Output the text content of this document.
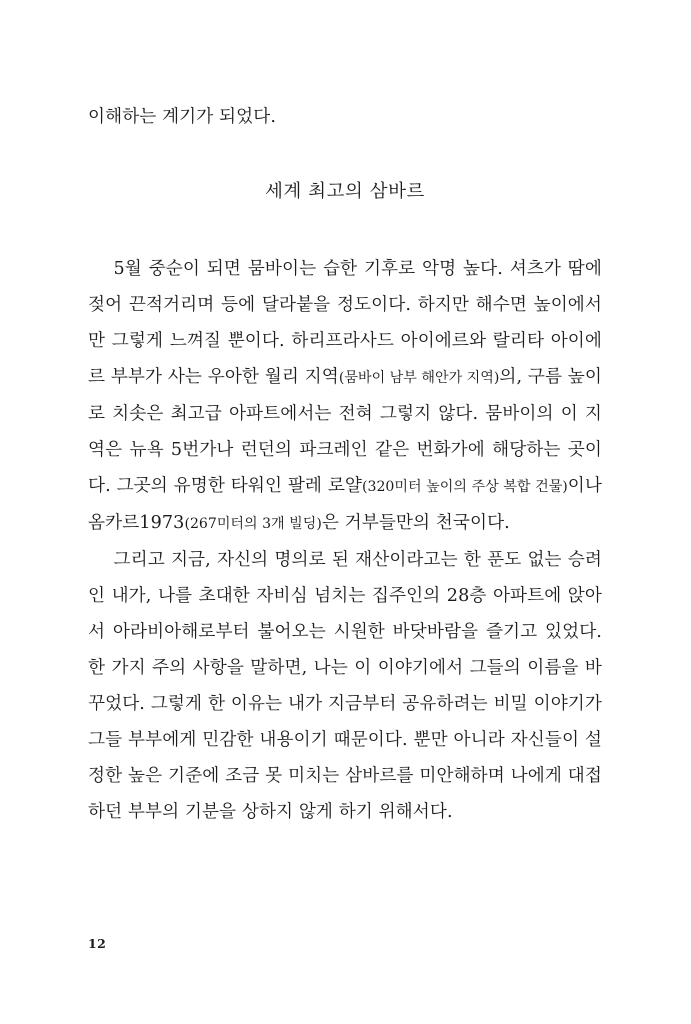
이해하는 계기가 되었다.

세계 최고의 삼바르

5월 중순이 되면 뭄바이는 습한 기후로 악명 높다. 셔츠가 땀에 젖어 끈적거리며 등에 달라붙을 정도이다. 하지만 해수면 높이에서만 그렇게 느껴질 뿐이다. 하리프라사드 아이에르와 랄리타 아이에르 부부가 사는 우아한 월리 지역(뭄바이 남부 해안가 지역)의, 구름 높이로 치솟은 최고급 아파트에서는 전혀 그렇지 않다. 뭄바이의 이 지역은 뉴욕 5번가나 런던의 파크레인 같은 번화가에 해당하는 곳이다. 그곳의 유명한 타워인 팔레 로얄(320미터 높이의 주상 복합 건물)이나 옴카르1973(267미터의 3개 빌딩)은 거부들만의 천국이다.

그리고 지금, 자신의 명의로 된 재산이라고는 한 푼도 없는 승려인 내가, 나를 초대한 자비심 넘치는 집주인의 28층 아파트에 앉아서 아라비아해로부터 불어오는 시원한 바닷바람을 즐기고 있었다. 한 가지 주의 사항을 말하면, 나는 이 이야기에서 그들의 이름을 바꾸었다. 그렇게 한 이유는 내가 지금부터 공유하려는 비밀 이야기가 그들 부부에게 민감한 내용이기 때문이다. 뿐만 아니라 자신들이 설정한 높은 기준에 조금 못 미치는 삼바르를 미안해하며 나에게 대접하던 부부의 기분을 상하지 않게 하기 위해서다.

12
